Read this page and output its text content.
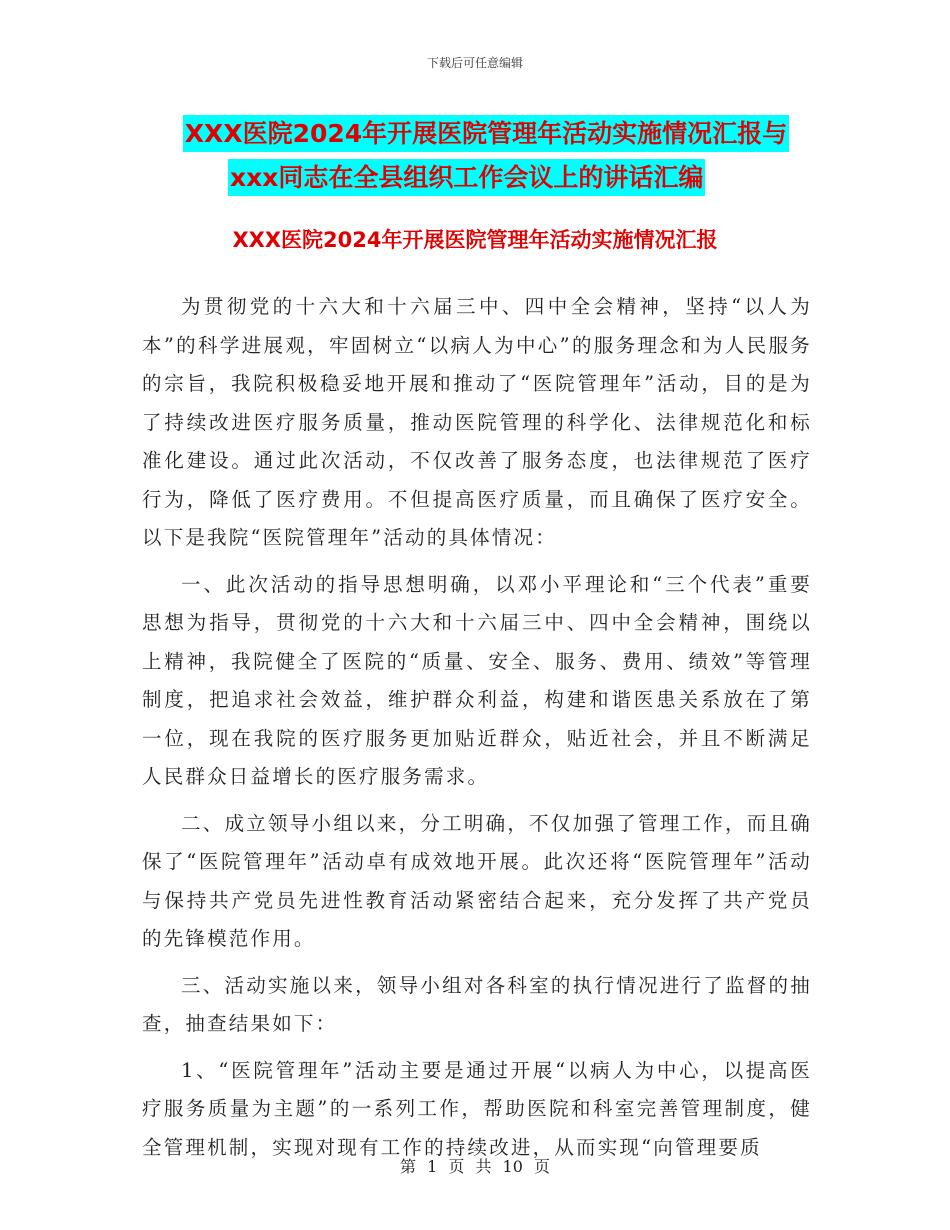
下载后可任意编辑
XXX医院2024年开展医院管理年活动实施情况汇报与
xxx同志在全县组织工作会议上的讲话汇编
XXX医院2024年开展医院管理年活动实施情况汇报

为贯彻党的十六大和十六届三中、四中全会精神，坚持“以人为本”的科学进展观，牢固树立“以病人为中心”的服务理念和为人民服务的宗旨，我院积极稳妥地开展和推动了“医院管理年”活动，目的是为了持续改进医疗服务质量，推动医院管理的科学化、法律规范化和标准化建设。通过此次活动，不仅改善了服务态度，也法律规范了医疗行为，降低了医疗费用。不但提高医疗质量，而且确保了医疗安全。以下是我院“医院管理年”活动的具体情况：

一、此次活动的指导思想明确，以邓小平理论和“三个代表”重要思想为指导，贯彻党的十六大和十六届三中、四中全会精神，围绕以上精神，我院健全了医院的“质量、安全、服务、费用、绩效”等管理制度，把追求社会效益，维护群众利益，构建和谐医患关系放在了第一位，现在我院的医疗服务更加贴近群众，贴近社会，并且不断满足人民群众日益增长的医疗服务需求。

二、成立领导小组以来，分工明确，不仅加强了管理工作，而且确保了“医院管理年”活动卓有成效地开展。此次还将“医院管理年”活动与保持共产党员先进性教育活动紧密结合起来，充分发挥了共产党员的先锋模范作用。

三、活动实施以来，领导小组对各科室的执行情况进行了监督的抽查，抽查结果如下：

1、“医院管理年”活动主要是通过开展“以病人为中心，以提高医疗服务质量为主题”的一系列工作，帮助医院和科室完善管理制度，健全管理机制，实现对现有工作的持续改进，从而实现“向管理要质

第 1 页 共 10 页
